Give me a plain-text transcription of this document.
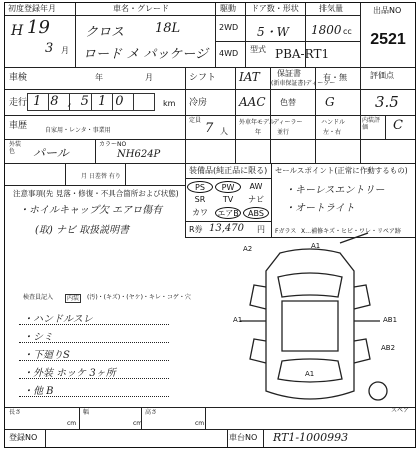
初度登録年月
H 19
3 月
車名・グレード
クロス 18L
ロード メ パッケージ
駆動
2WD
4WD
ドア数・形状
5・W
排気量
1800 cc
型式 PBA-RT1
出品NO
2521
車検	年	月	シフト IAT 保証書
(新車保証書)ディーラー
有・無	評価点
3.5
走行 18,510	km 冷房	AAC 色替 G
車歴	自家用・レンタ・事業用
定員
7 人
外車年モデル
年
ディーラー
並行
ハンドル
左・右
内装評価	C
外装色	パール
カラーNO
NH624P
装備品(純正品に限る)
PS	PW	AW
SR	TV	ナビ
カワ	エアB	ABS
R券 13,470 円
セールスポイント(正常に作動するもの)
・キーレスエントリー
・オートライト
注意事項(先 見落・修復・不具合箇所および状態)
月 日差替 有り
・ホイルキャップ欠 エアロ傷有
(取) ナビ 取扱説明書	Fガラス X…補修キズ・ヒビ・ワレ・リペア跡
A1
A2
A1	AB1
AB2
A1
スペア
検査員記入	内装	(汚)・(キズ)・(ヤケ)・キレ・コゲ・穴
・ハンドルスレ
・シミ
・下廻りS
・外装 ホッケ 3ヶ所
・他 B
長さ
cm
幅
cm
高さ
cm
登録NO	車台NO RT1-1000993
